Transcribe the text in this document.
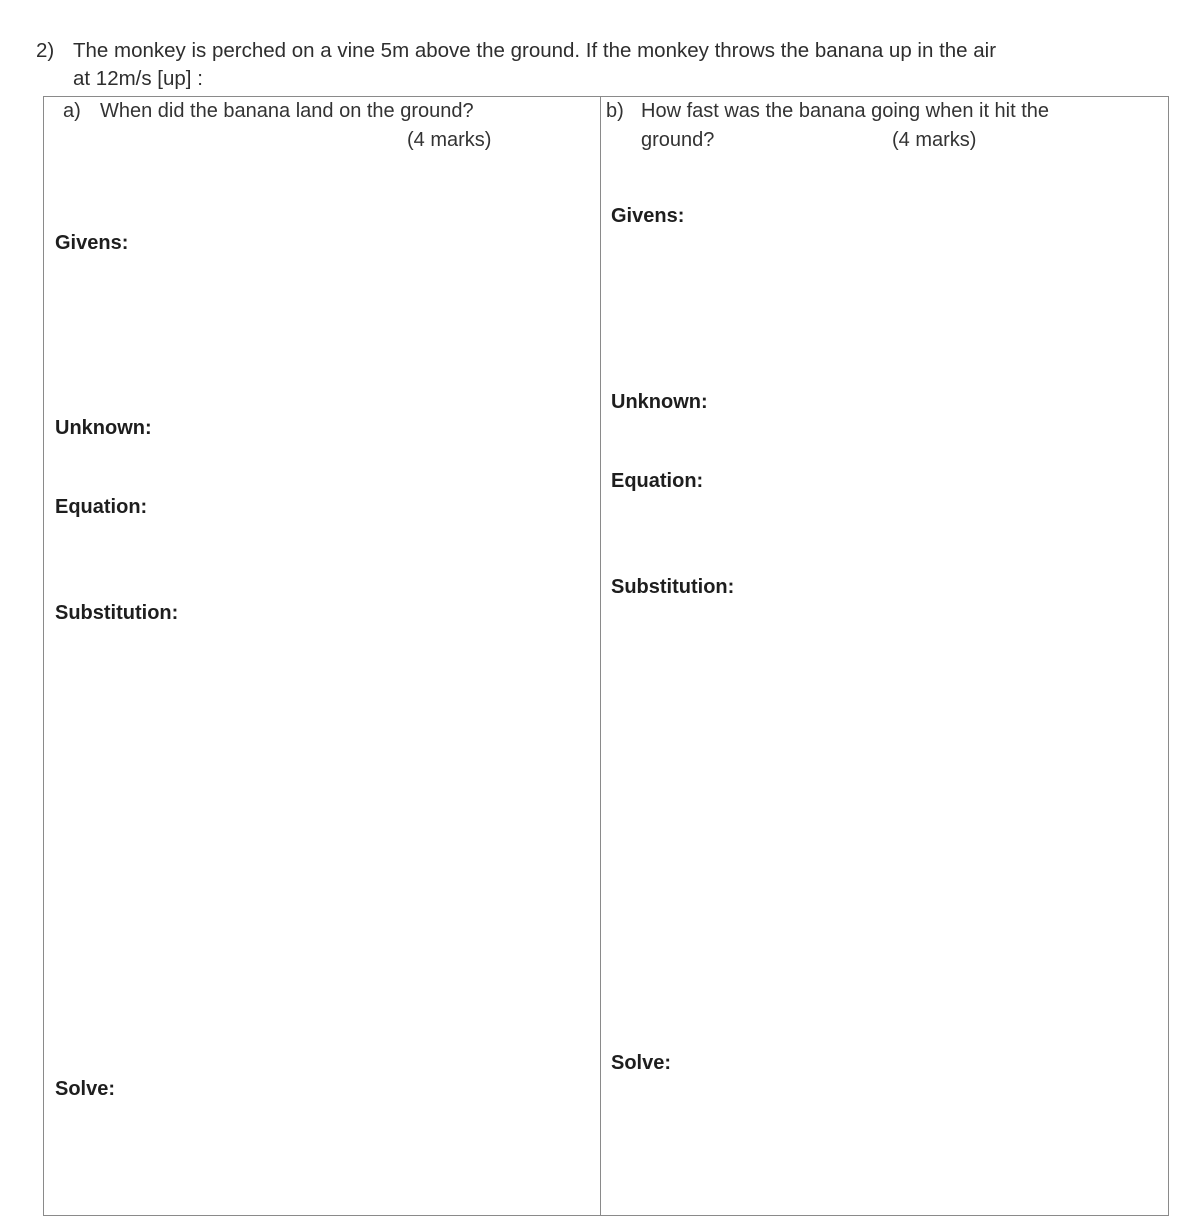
2) The monkey is perched on a vine 5m above the ground. If the monkey throws the banana up in the air
at 12m/s [up] :
a) When did the banana land on the ground?
(4 marks)
Givens:
Unknown:
Equation:
Substitution:
Solve:
b) How fast was the banana going when it hit the
ground?	(4 marks)
Givens:
Unknown:
Equation:
Substitution:
Solve:
